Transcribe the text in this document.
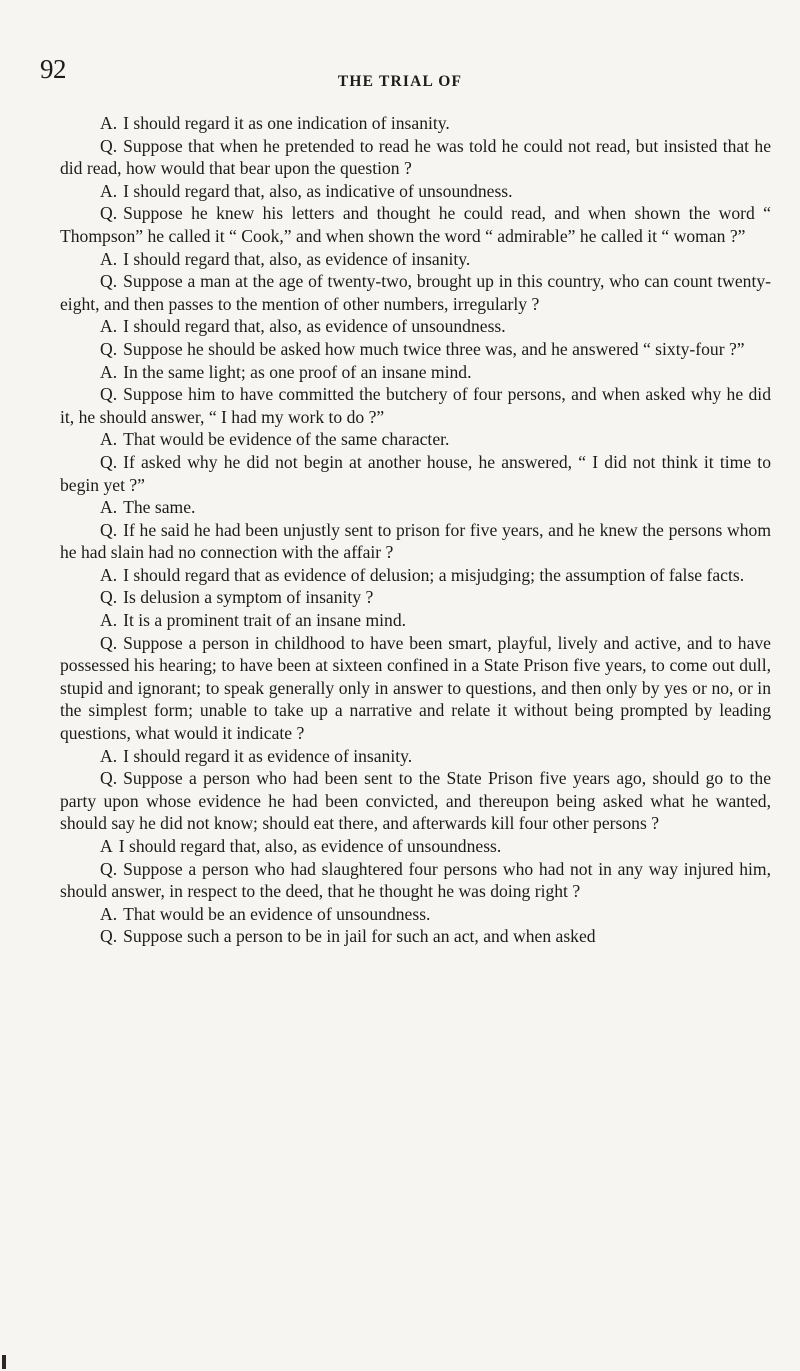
92	THE TRIAL OF

A. I should regard it as one indication of insanity.

Q. Suppose that when he pretended to read he was told he could not read, but insisted that he did read, how would that bear upon the question ?

A. I should regard that, also, as indicative of unsoundness.

Q. Suppose he knew his letters and thought he could read, and when shown the word “ Thompson” he called it “ Cook,” and when shown the word “ admirable” he called it “ woman ?”

A. I should regard that, also, as evidence of insanity.

Q. Suppose a man at the age of twenty-two, brought up in this country, who can count twenty-eight, and then passes to the mention of other numbers, irregularly ?

A. I should regard that, also, as evidence of unsoundness.

Q. Suppose he should be asked how much twice three was, and he answered “ sixty-four ?”

A. In the same light; as one proof of an insane mind.

Q. Suppose him to have committed the butchery of four persons, and when asked why he did it, he should answer, “ I had my work to do ?”

A. That would be evidence of the same character.

Q. If asked why he did not begin at another house, he answered, “ I did not think it time to begin yet ?”

A. The same.

Q. If he said he had been unjustly sent to prison for five years, and he knew the persons whom he had slain had no connection with the affair ?

A. I should regard that as evidence of delusion; a misjudging; the assumption of false facts.

Q. Is delusion a symptom of insanity ?

A. It is a prominent trait of an insane mind.

Q. Suppose a person in childhood to have been smart, playful, lively and active, and to have possessed his hearing; to have been at sixteen confined in a State Prison five years, to come out dull, stupid and ignorant; to speak generally only in answer to questions, and then only by yes or no, or in the simplest form; unable to take up a narrative and relate it without being prompted by leading questions, what would it indicate ?

A. I should regard it as evidence of insanity.

Q. Suppose a person who had been sent to the State Prison five years ago, should go to the party upon whose evidence he had been convicted, and thereupon being asked what he wanted, should say he did not know; should eat there, and afterwards kill four other persons ?

A I should regard that, also, as evidence of unsoundness.

Q. Suppose a person who had slaughtered four persons who had not in any way injured him, should answer, in respect to the deed, that he thought he was doing right ?

A. That would be an evidence of unsoundness.

Q. Suppose such a person to be in jail for such an act, and when asked
